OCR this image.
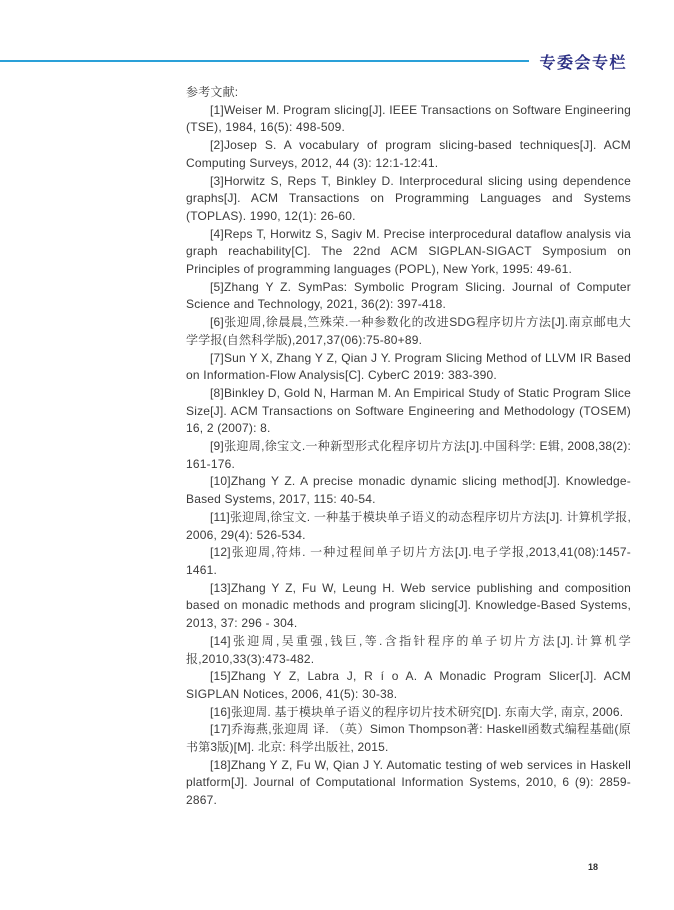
专委会专栏

参考文献:

[1]Weiser M. Program slicing[J]. IEEE Transactions on Software Engineering (TSE), 1984, 16(5): 498-509.

[2]Josep S. A vocabulary of program slicing-based techniques[J]. ACM Computing Surveys, 2012, 44 (3): 12:1-12:41.

[3]Horwitz S, Reps T, Binkley D. Interprocedural slicing using dependence graphs[J]. ACM Transactions on Programming Languages and Systems (TOPLAS). 1990, 12(1): 26-60.

[4]Reps T, Horwitz S, Sagiv M. Precise interprocedural dataflow analysis via graph reachability[C]. The 22nd ACM SIGPLAN-SIGACT Symposium on Principles of programming languages (POPL), New York, 1995: 49-61.

[5]Zhang Y Z. SymPas: Symbolic Program Slicing. Journal of Computer Science and Technology, 2021, 36(2): 397-418.

[6]张迎周,徐晨晨,竺殊荣.一种参数化的改进SDG程序切片方法[J].南京邮电大学学报(自然科学版),2017,37(06):75-80+89.

[7]Sun Y X, Zhang Y Z, Qian J Y. Program Slicing Method of LLVM IR Based on Information-Flow Analysis[C]. CyberC 2019: 383-390.

[8]Binkley D, Gold N, Harman M. An Empirical Study of Static Program Slice Size[J]. ACM Transactions on Software Engineering and Methodology (TOSEM) 16, 2 (2007): 8.

[9]张迎周,徐宝文.一种新型形式化程序切片方法[J].中国科学: E辑, 2008,38(2): 161-176.

[10]Zhang Y Z. A precise monadic dynamic slicing method[J]. Knowledge-Based Systems, 2017, 115: 40-54.

[11]张迎周,徐宝文. 一种基于模块单子语义的动态程序切片方法[J]. 计算机学报, 2006, 29(4): 526-534.

[12]张迎周,符炜. 一种过程间单子切片方法[J].电子学报,2013,41(08):1457-1461.

[13]Zhang Y Z, Fu W, Leung H. Web service publishing and composition based on monadic methods and program slicing[J]. Knowledge-Based Systems, 2013, 37: 296 - 304.

[14]张迎周,吴重强,钱巨,等.含指针程序的单子切片方法[J].计算机学报,2010,33(3):473-482.

[15]Zhang Y Z, Labra J, R í o A. A Monadic Program Slicer[J]. ACM SIGPLAN Notices, 2006, 41(5): 30-38.

[16]张迎周. 基于模块单子语义的程序切片技术研究[D]. 东南大学, 南京, 2006.

[17]乔海燕,张迎周 译. （英）Simon Thompson著: Haskell函数式编程基础(原书第3版)[M]. 北京: 科学出版社, 2015.

[18]Zhang Y Z, Fu W, Qian J Y. Automatic testing of web services in Haskell platform[J]. Journal of Computational Information Systems, 2010, 6 (9): 2859-2867.

18
